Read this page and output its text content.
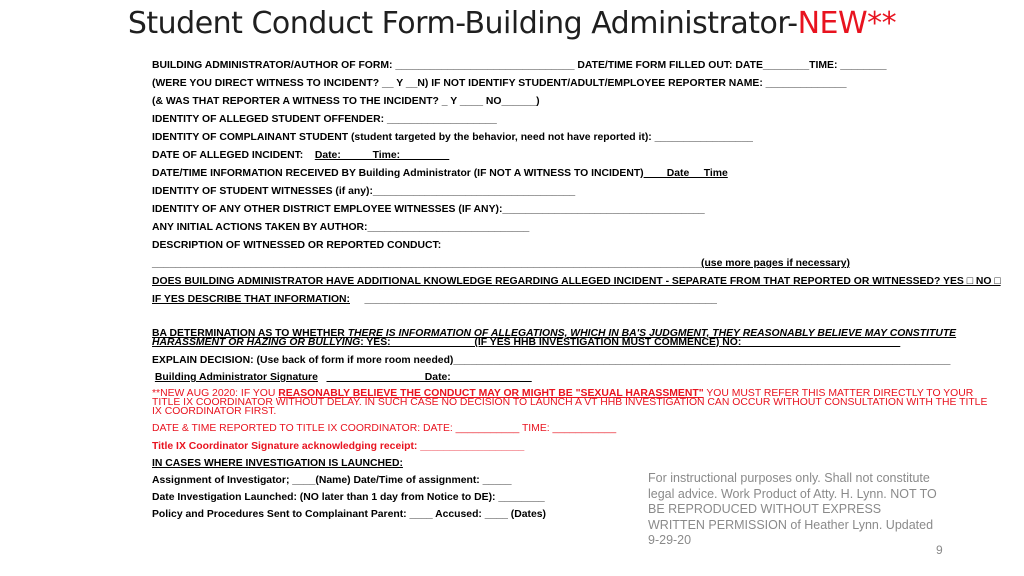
Student Conduct Form-Building Administrator-NEW**
BUILDING ADMINISTRATOR/AUTHOR OF FORM: _______________________________ DATE/TIME FORM FILLED OUT: DATE________TIME: ________
(WERE YOU DIRECT WITNESS TO INCIDENT? __ Y __N) IF NOT IDENTIFY STUDENT/ADULT/EMPLOYEE REPORTER NAME: ______________
(& WAS THAT REPORTER A WITNESS TO THE INCIDENT? _ Y ____ NO______)
IDENTITY OF ALLEGED STUDENT OFFENDER: ___________________
IDENTITY OF COMPLAINANT STUDENT (student targeted by the behavior, need not have reported it): _________________
DATE OF ALLEGED INCIDENT: Date:_____ Time: ________
DATE/TIME INFORMATION RECEIVED BY Building Administrator (IF NOT A WITNESS TO INCIDENT)____Date__ Time
IDENTITY OF STUDENT WITNESSES (if any):___________________________________
IDENTITY OF ANY OTHER DISTRICT EMPLOYEE WITNESSES (IF ANY):___________________________________
ANY INITIAL ACTIONS TAKEN BY AUTHOR:____________________________
DESCRIPTION OF WITNESSED OR REPORTED CONDUCT:
_______________________________________________________________________________________________(use more pages if necessary)
DOES BUILDING ADMINISTRATOR HAVE ADDITIONAL KNOWLEDGE REGARDING ALLEGED INCIDENT - SEPARATE FROM THAT REPORTED OR WITNESSED? YES □ NO □
IF YES DESCRIBE THAT INFORMATION: _____________________________________________________________
BA DETERMINATION AS TO WHETHER THERE IS INFORMATION OF ALLEGATIONS, WHICH IN BA'S JUDGMENT, THEY REASONABLY BELIEVE MAY CONSTITUTE HARASSMENT OR HAZING OR BULLYING: YES: ______________(IF YES HHB INVESTIGATION MUST COMMENCE) NO: ___________________________
EXPLAIN DECISION: (Use back of form if more room needed)______________________________________________________________________________________
Building Administrator Signature _________________Date:______________
**NEW AUG 2020: IF YOU REASONABLY BELIEVE THE CONDUCT MAY OR MIGHT BE "SEXUAL HARASSMENT" YOU MUST REFER THIS MATTER DIRECTLY TO YOUR TITLE IX COORDINATOR WITHOUT DELAY. IN SUCH CASE NO DECISION TO LAUNCH A VT HHB INVESTIGATION CAN OCCUR WITHOUT CONSULTATION WITH THE TITLE IX COORDINATOR FIRST.
DATE & TIME REPORTED TO TITLE IX COORDINATOR: DATE: ___________ TIME: ___________
Title IX Coordinator Signature acknowledging receipt: __________________
IN CASES WHERE INVESTIGATION IS LAUNCHED:
Assignment of Investigator; ____(Name) Date/Time of assignment: _____
Date Investigation Launched: (NO later than 1 day from Notice to DE): ________
Policy and Procedures Sent to Complainant Parent: ____ Accused: ____ (Dates)
For instructional purposes only. Shall not constitute legal advice. Work Product of Atty. H. Lynn. NOT TO BE REPRODUCED WITHOUT EXPRESS WRITTEN PERMISSION of Heather Lynn. Updated 9-29-20
9
